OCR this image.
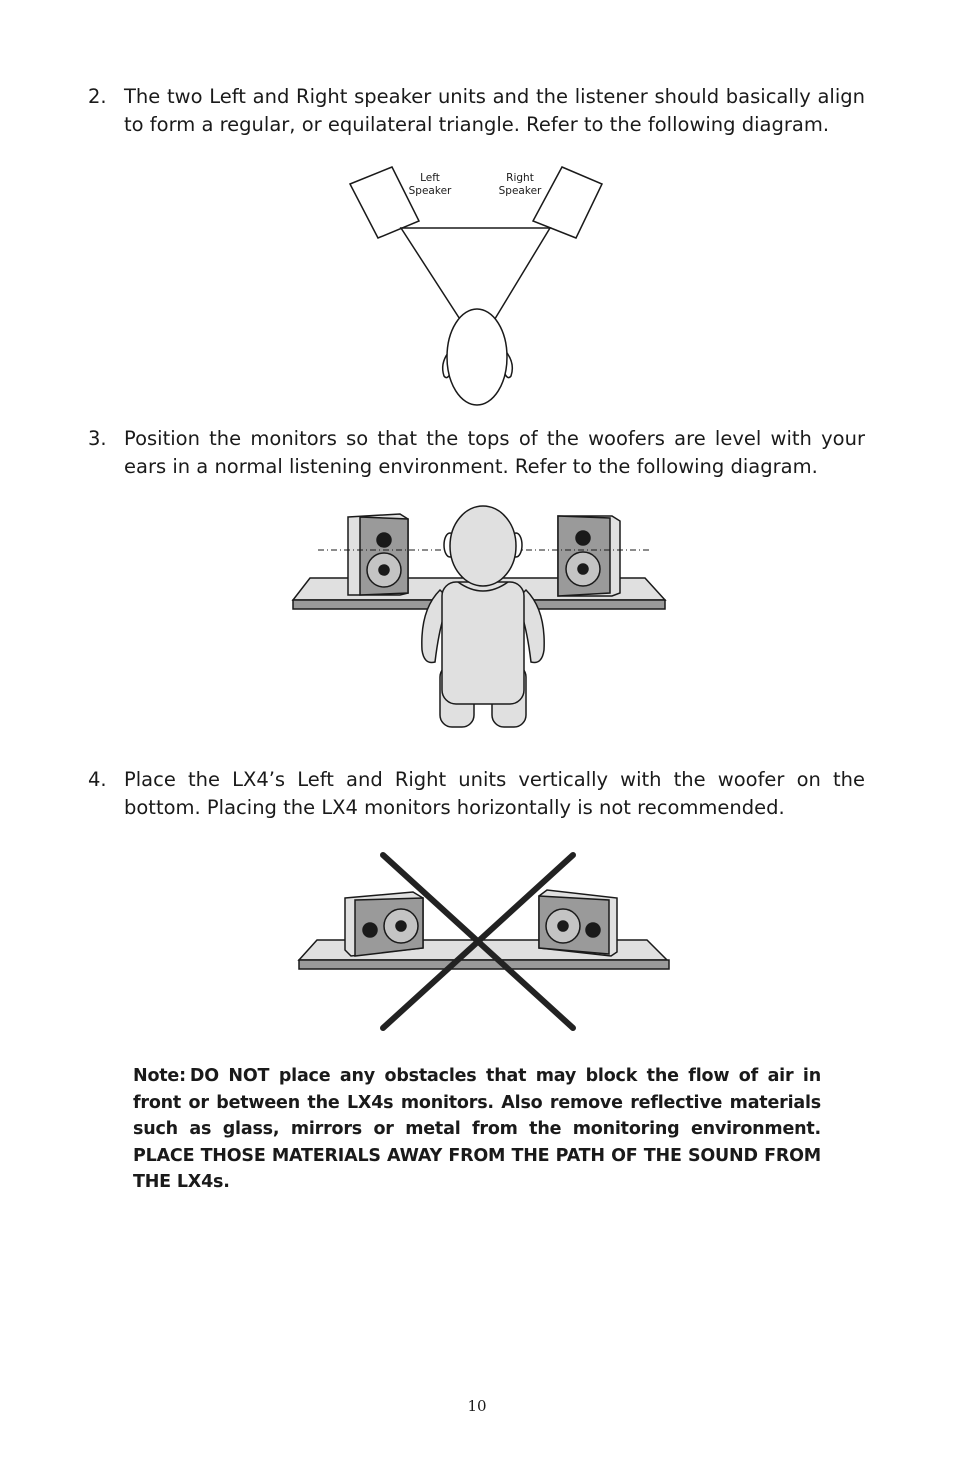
2. The two Left and Right speaker units and the listener should basically align to form a regular, or equilateral triangle. Refer to the following diagram.
Left
Speaker
Right
Speaker
3. Position the monitors so that the tops of the woofers are level with your ears in a normal listening environment. Refer to the following diagram.
4. Place the LX4’s Left and Right units vertically with the woofer on the bottom. Placing the LX4 monitors horizontally is not recommended.
Note: DO NOT place any obstacles that may block the flow of air in front or between the LX4s monitors. Also remove reflective materials such as glass, mirrors or metal from the monitoring environment. PLACE THOSE MATERIALS AWAY FROM THE PATH OF THE SOUND FROM THE LX4s.
10
